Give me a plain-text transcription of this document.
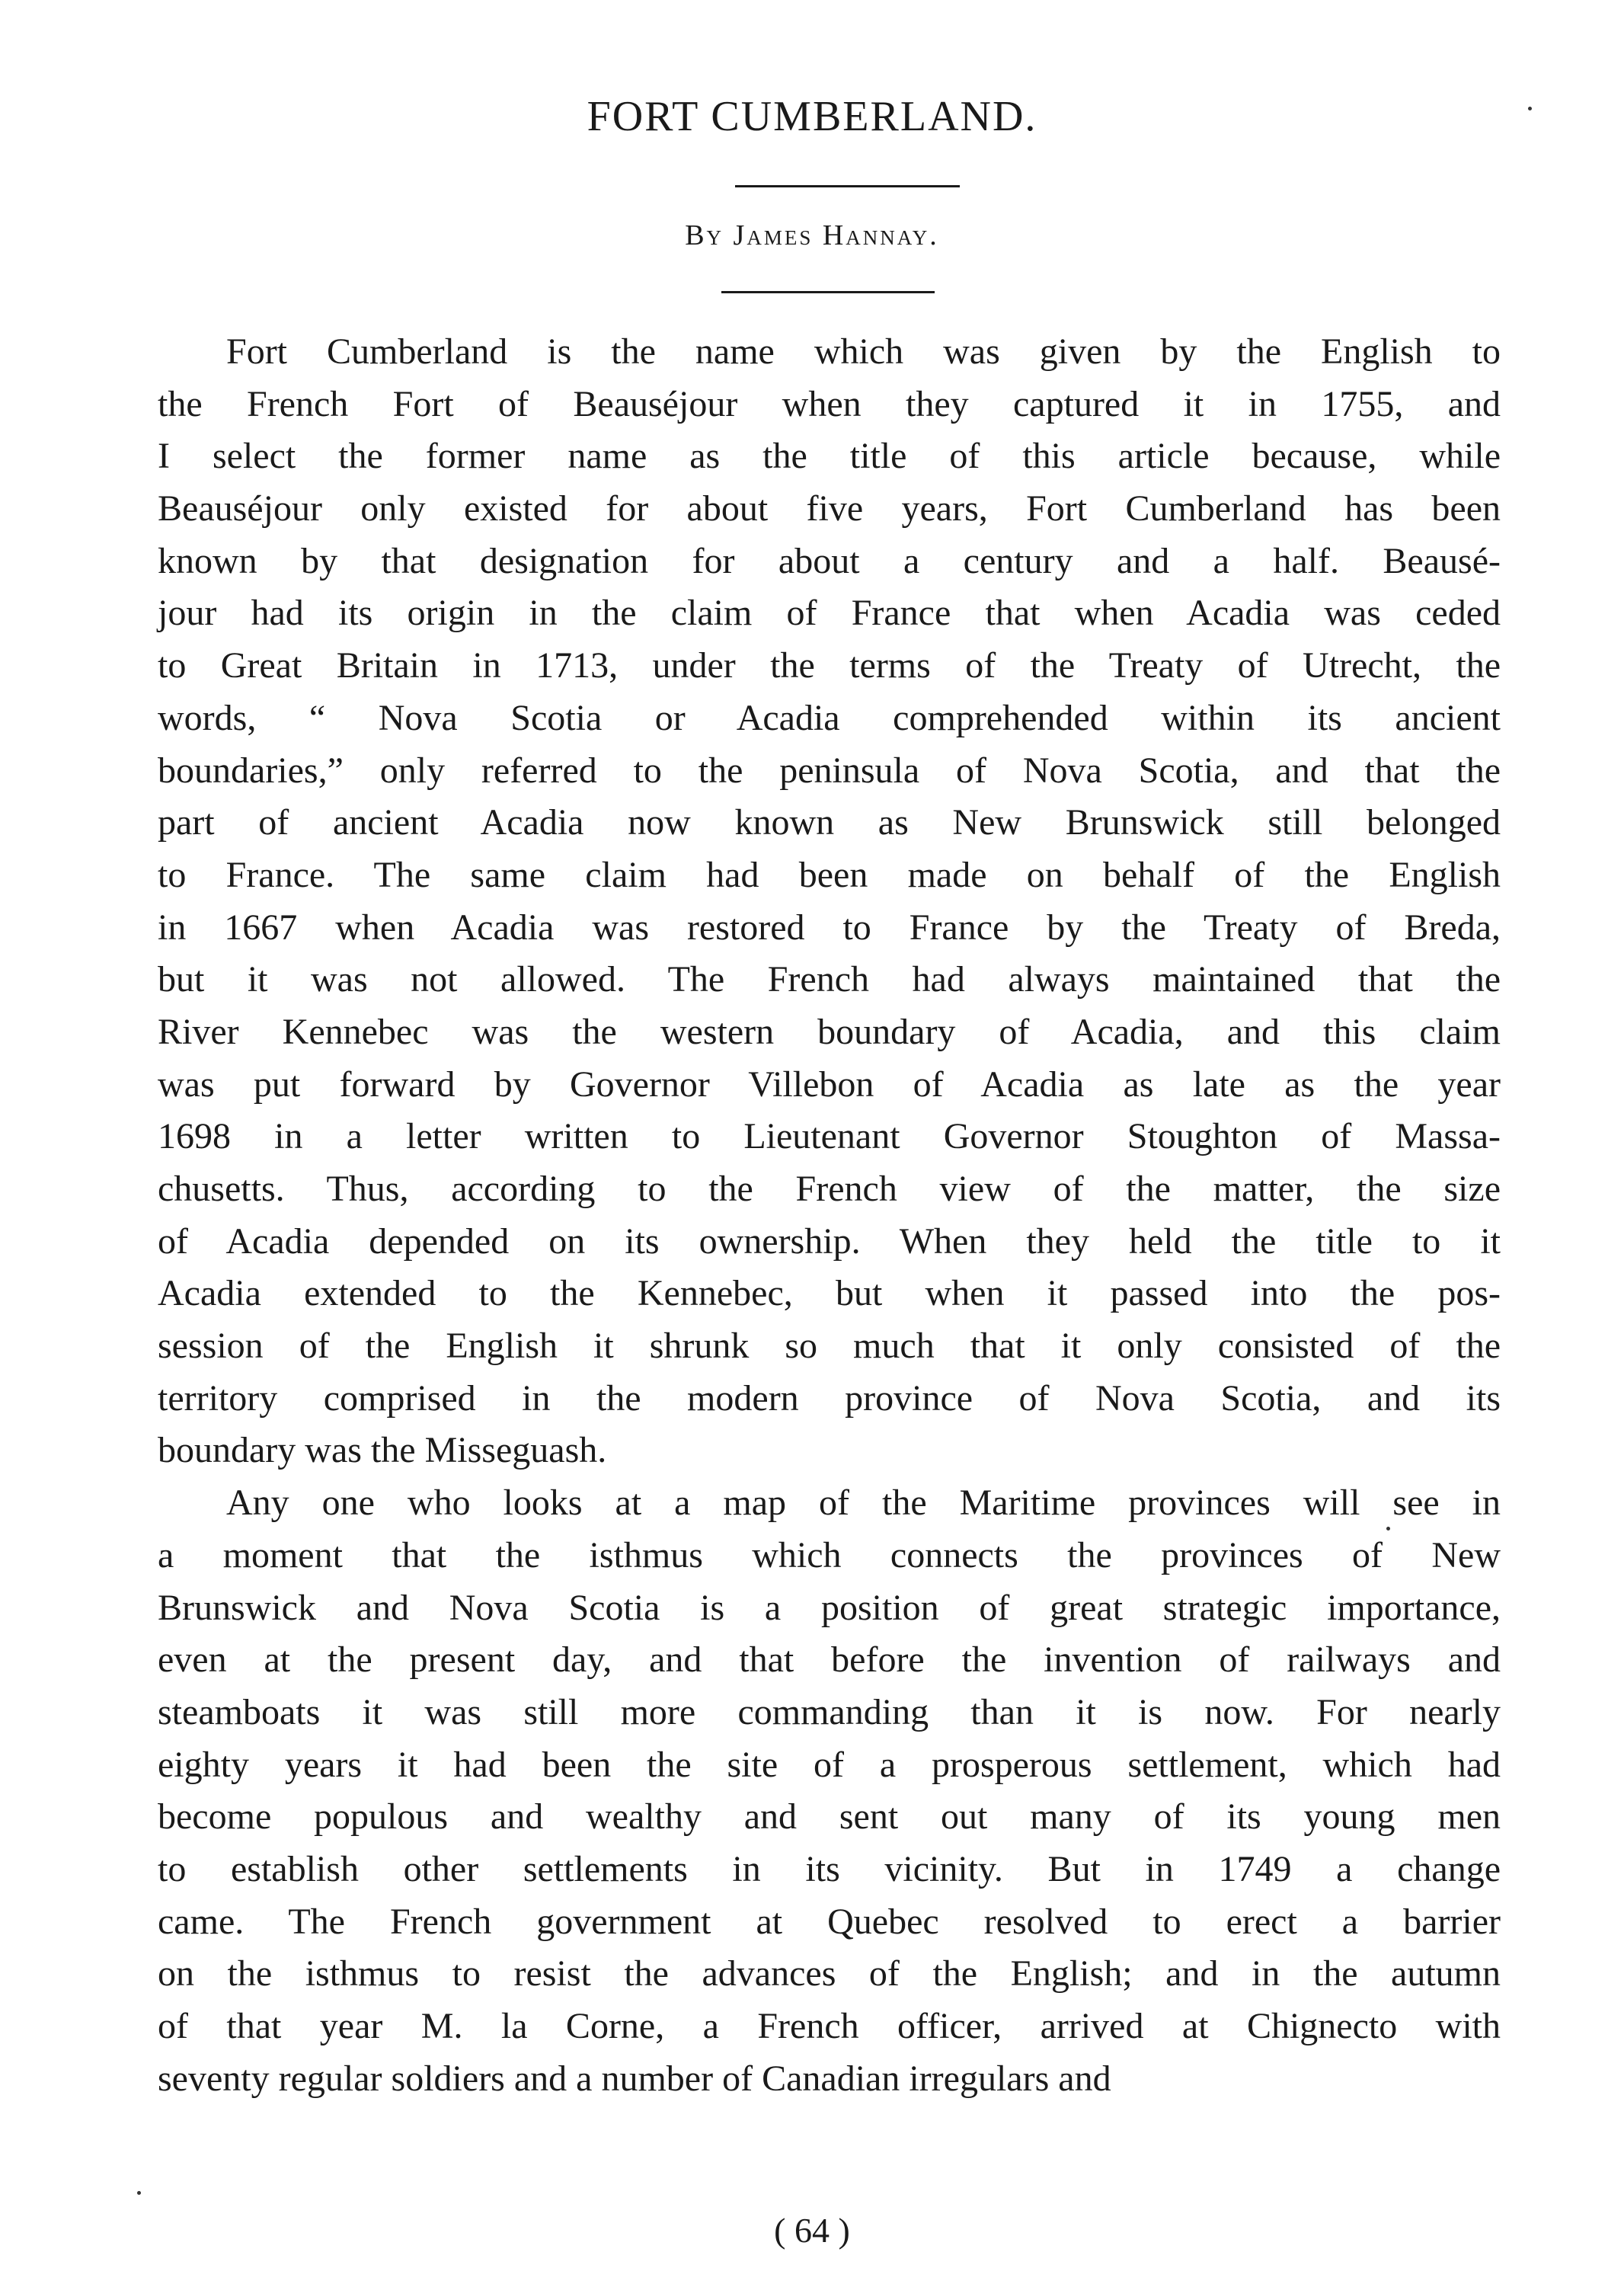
FORT CUMBERLAND.
By James Hannay.
Fort Cumberland is the name which was given by the English to
the French Fort of Beauséjour when they captured it in 1755, and
I select the former name as the title of this article because, while
Beauséjour only existed for about five years, Fort Cumberland has been
known by that designation for about a century and a half. Beausé-
jour had its origin in the claim of France that when Acadia was ceded
to Great Britain in 1713, under the terms of the Treaty of Utrecht, the
words, “ Nova Scotia or Acadia comprehended within its ancient
boundaries,” only referred to the peninsula of Nova Scotia, and that the
part of ancient Acadia now known as New Brunswick still belonged
to France. The same claim had been made on behalf of the English
in 1667 when Acadia was restored to France by the Treaty of Breda,
but it was not allowed. The French had always maintained that the
River Kennebec was the western boundary of Acadia, and this claim
was put forward by Governor Villebon of Acadia as late as the year
1698 in a letter written to Lieutenant Governor Stoughton of Massa-
chusetts. Thus, according to the French view of the matter, the size
of Acadia depended on its ownership. When they held the title to it
Acadia extended to the Kennebec, but when it passed into the pos-
session of the English it shrunk so much that it only consisted of the
territory comprised in the modern province of Nova Scotia, and its
boundary was the Misseguash.
Any one who looks at a map of the Maritime provinces will see in
a moment that the isthmus which connects the provinces of New
Brunswick and Nova Scotia is a position of great strategic importance,
even at the present day, and that before the invention of railways and
steamboats it was still more commanding than it is now. For nearly
eighty years it had been the site of a prosperous settlement, which had
become populous and wealthy and sent out many of its young men
to establish other settlements in its vicinity. But in 1749 a change
came. The French government at Quebec resolved to erect a barrier
on the isthmus to resist the advances of the English; and in the autumn
of that year M. la Corne, a French officer, arrived at Chignecto with
seventy regular soldiers and a number of Canadian irregulars and
( 64 )
